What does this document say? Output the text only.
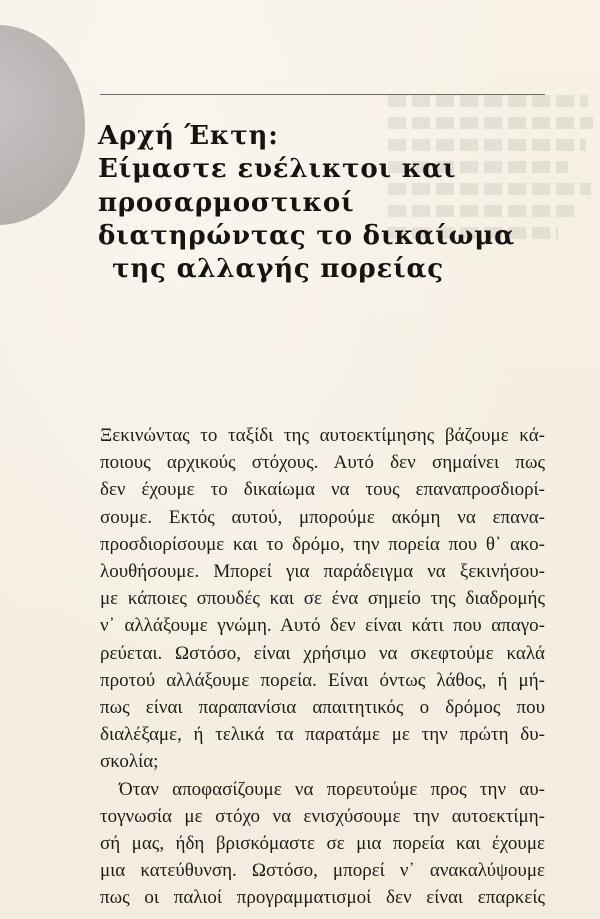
Αρχή Έκτη:
Είμαστε ευέλικτοι και
προσαρμοστικοί
διατηρώντας το δικαίωμα
της αλλαγής πορείας
Ξεκινώντας το ταξίδι της αυτοεκτίμησης βάζουμε κά-
ποιους αρχικούς στόχους. Αυτό δεν σημαίνει πως
δεν έχουμε το δικαίωμα να τους επαναπροσδιορί-
σουμε. Εκτός αυτού, μπορούμε ακόμη να επανα-
προσδιορίσουμε και το δρόμο, την πορεία που θ᾽ ακο-
λουθήσουμε. Μπορεί για παράδειγμα να ξεκινήσου-
με κάποιες σπουδές και σε ένα σημείο της διαδρομής
ν᾽ αλλάξουμε γνώμη. Αυτό δεν είναι κάτι που απαγο-
ρεύεται. Ωστόσο, είναι χρήσιμο να σκεφτούμε καλά
προτού αλλάξουμε πορεία. Είναι όντως λάθος, ή μή-
πως είναι παραπανίσια απαιτητικός ο δρόμος που
διαλέξαμε, ή τελικά τα παρατάμε με την πρώτη δυ-
σκολία;
Όταν αποφασίζουμε να πορευτούμε προς την αυ-
τογνωσία με στόχο να ενισχύσουμε την αυτοεκτίμη-
σή μας, ήδη βρισκόμαστε σε μια πορεία και έχουμε
μια κατεύθυνση. Ωστόσο, μπορεί ν᾽ ανακαλύψουμε
πως οι παλιοί προγραμματισμοί δεν είναι επαρκείς
